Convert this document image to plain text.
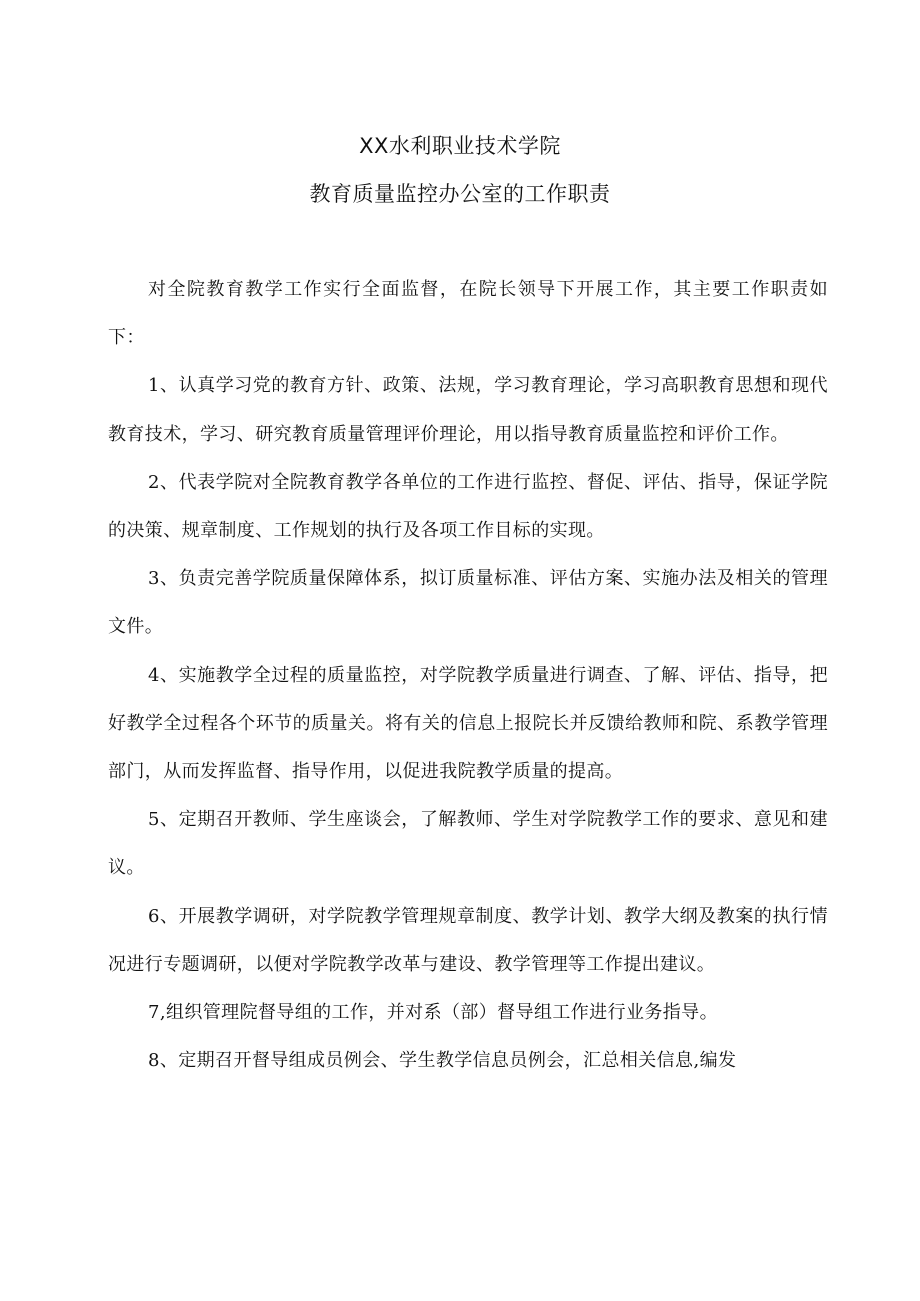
XX水利职业技术学院
教育质量监控办公室的工作职责

对全院教育教学工作实行全面监督，在院长领导下开展工作，其主要工作职责如下：

1、认真学习党的教育方针、政策、法规，学习教育理论，学习高职教育思想和现代教育技术，学习、研究教育质量管理评价理论，用以指导教育质量监控和评价工作。

2、代表学院对全院教育教学各单位的工作进行监控、督促、评估、指导，保证学院的决策、规章制度、工作规划的执行及各项工作目标的实现。

3、负责完善学院质量保障体系，拟订质量标准、评估方案、实施办法及相关的管理文件。

4、实施教学全过程的质量监控，对学院教学质量进行调查、了解、评估、指导，把好教学全过程各个环节的质量关。将有关的信息上报院长并反馈给教师和院、系教学管理部门，从而发挥监督、指导作用，以促进我院教学质量的提高。

5、定期召开教师、学生座谈会，了解教师、学生对学院教学工作的要求、意见和建议。

6、开展教学调研，对学院教学管理规章制度、教学计划、教学大纲及教案的执行情况进行专题调研，以便对学院教学改革与建设、教学管理等工作提出建议。

7,组织管理院督导组的工作，并对系（部）督导组工作进行业务指导。

8、定期召开督导组成员例会、学生教学信息员例会，汇总相关信息,编发
